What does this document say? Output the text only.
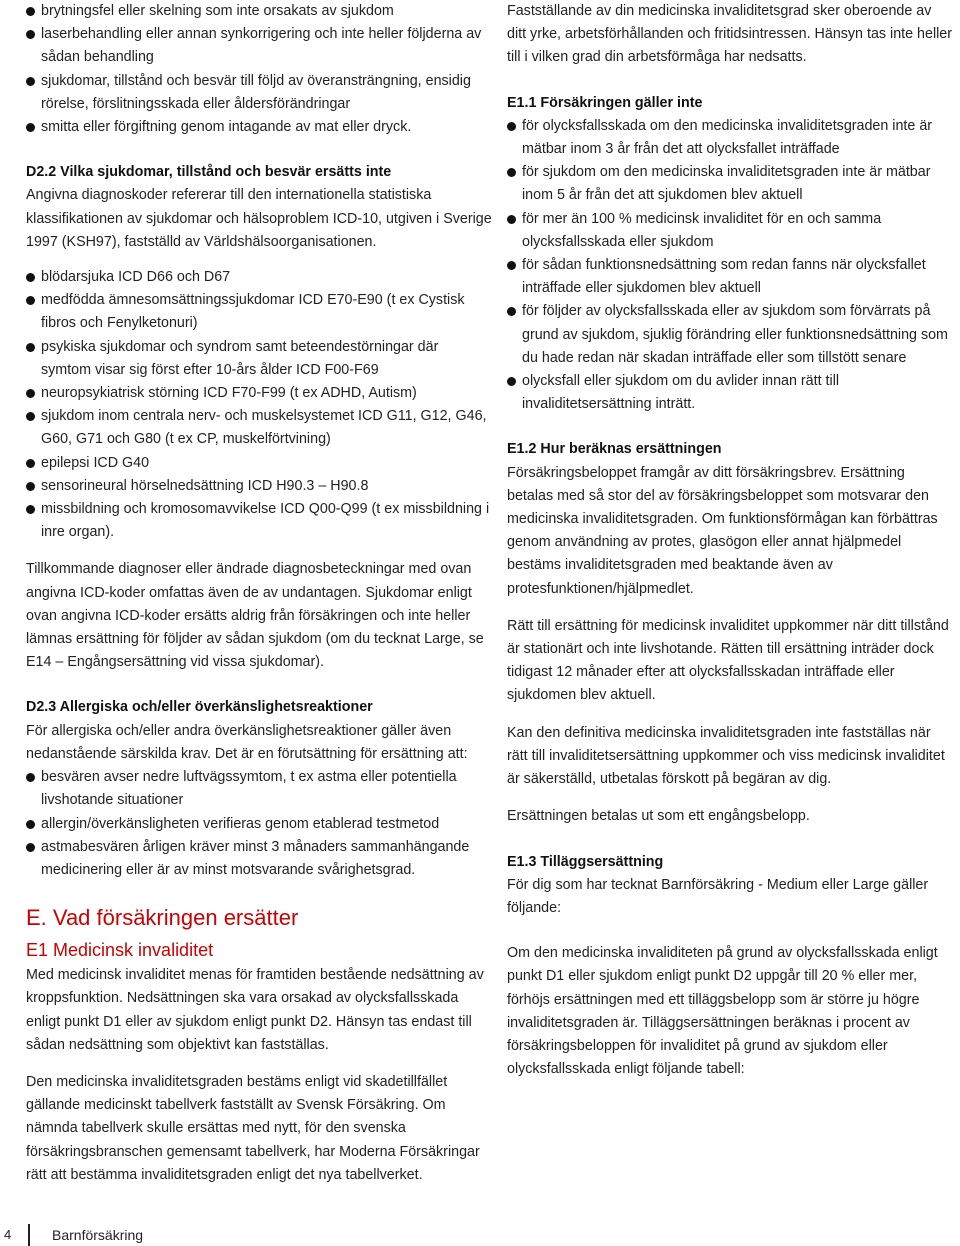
brytningsfel eller skelning som inte orsakats av sjukdom
laserbehandling eller annan synkorrigering och inte heller följderna av sådan behandling
sjukdomar, tillstånd och besvär till följd av överansträngning, ensidig rörelse, förslitningsskada eller åldersförändringar
smitta eller förgiftning genom intagande av mat eller dryck.

D2.2 Vilka sjukdomar, tillstånd och besvär ersätts inte

Angivna diagnoskoder refererar till den internationella statistiska klassifikationen av sjukdomar och hälsoproblem ICD-10, utgiven i Sverige 1997 (KSH97), fastställd av Världshälsoorganisationen.

blödarsjuka ICD D66 och D67
medfödda ämnesomsättningssjukdomar ICD E70-E90 (t ex Cystisk fibros och Fenylketonuri)
psykiska sjukdomar och syndrom samt beteendestörningar där symtom visar sig först efter 10-års ålder ICD F00-F69
neuropsykiatrisk störning ICD F70-F99 (t ex ADHD, Autism)
sjukdom inom centrala nerv- och muskelsystemet ICD G11, G12, G46, G60, G71 och G80 (t ex CP, muskelförtvining)
epilepsi ICD G40
sensorineural hörselnedsättning ICD H90.3 – H90.8
missbildning och kromosomavvikelse ICD Q00-Q99 (t ex missbildning i inre organ).

Tillkommande diagnoser eller ändrade diagnosbeteckningar med ovan angivna ICD-koder omfattas även de av undantagen. Sjukdomar enligt ovan angivna ICD-koder ersätts aldrig från försäkringen och inte heller lämnas ersättning för följder av sådan sjukdom (om du tecknat Large, se E14 – Engångsersättning vid vissa sjukdomar).

D2.3 Allergiska och/eller överkänslighetsreaktioner

För allergiska och/eller andra överkänslighetsreaktioner gäller även nedanstående särskilda krav. Det är en förutsättning för ersättning att:

besvären avser nedre luftvägssymtom, t ex astma eller potentiella livshotande situationer
allergin/överkänsligheten verifieras genom etablerad testmetod
astmabesvären årligen kräver minst 3 månaders sammanhängande medicinering eller är av minst motsvarande svårighetsgrad.
E. Vad försäkringen ersätter
E1 Medicinsk invaliditet

Med medicinsk invaliditet menas för framtiden bestående nedsättning av kroppsfunktion. Nedsättningen ska vara orsakad av olycksfallsskada enligt punkt D1 eller av sjukdom enligt punkt D2. Hänsyn tas endast till sådan nedsättning som objektivt kan fastställas.

Den medicinska invaliditetsgraden bestäms enligt vid skadetillfället gällande medicinskt tabellverk fastställt av Svensk Försäkring. Om nämnda tabellverk skulle ersättas med nytt, för den svenska försäkringsbranschen gemensamt tabellverk, har Moderna Försäkringar rätt att bestämma invaliditetsgraden enligt det nya tabellverket.

Fastställande av din medicinska invaliditetsgrad sker oberoende av ditt yrke, arbetsförhållanden och fritidsintressen. Hänsyn tas inte heller till i vilken grad din arbetsförmåga har nedsatts.

E1.1 Försäkringen gäller inte

för olycksfallsskada om den medicinska invaliditetsgraden inte är mätbar inom 3 år från det att olycksfallet inträffade
för sjukdom om den medicinska invaliditetsgraden inte är mätbar inom 5 år från det att sjukdomen blev aktuell
för mer än 100 % medicinsk invaliditet för en och samma olycksfallsskada eller sjukdom
för sådan funktionsnedsättning som redan fanns när olycksfallet inträffade eller sjukdomen blev aktuell
för följder av olycksfallsskada eller av sjukdom som förvärrats på grund av sjukdom, sjuklig förändring eller funktionsnedsättning som du hade redan när skadan inträffade eller som tillstött senare
olycksfall eller sjukdom om du avlider innan rätt till invaliditetsersättning inträtt.

E1.2 Hur beräknas ersättningen

Försäkringsbeloppet framgår av ditt försäkringsbrev. Ersättning betalas med så stor del av försäkringsbeloppet som motsvarar den medicinska invaliditetsgraden. Om funktionsförmågan kan förbättras genom användning av protes, glasögon eller annat hjälpmedel bestäms invaliditetsgraden med beaktande även av protesfunktionen/hjälpmedlet.

Rätt till ersättning för medicinsk invaliditet uppkommer när ditt tillstånd är stationärt och inte livshotande. Rätten till ersättning inträder dock tidigast 12 månader efter att olycksfallsskadan inträffade eller sjukdomen blev aktuell.

Kan den definitiva medicinska invaliditetsgraden inte fastställas när rätt till invaliditetsersättning uppkommer och viss medicinsk invaliditet är säkerställd, utbetalas förskott på begäran av dig.

Ersättningen betalas ut som ett engångsbelopp.

E1.3 Tilläggsersättning

För dig som har tecknat Barnförsäkring - Medium eller Large gäller följande:

Om den medicinska invaliditeten på grund av olycksfallsskada enligt punkt D1 eller sjukdom enligt punkt D2 uppgår till 20 % eller mer, förhöjs ersättningen med ett tilläggsbelopp som är större ju högre invaliditetsgraden är. Tilläggsersättningen beräknas i procent av försäkringsbeloppen för invaliditet på grund av sjukdom eller olycksfallsskada enligt följande tabell:

4	Barnförsäkring
